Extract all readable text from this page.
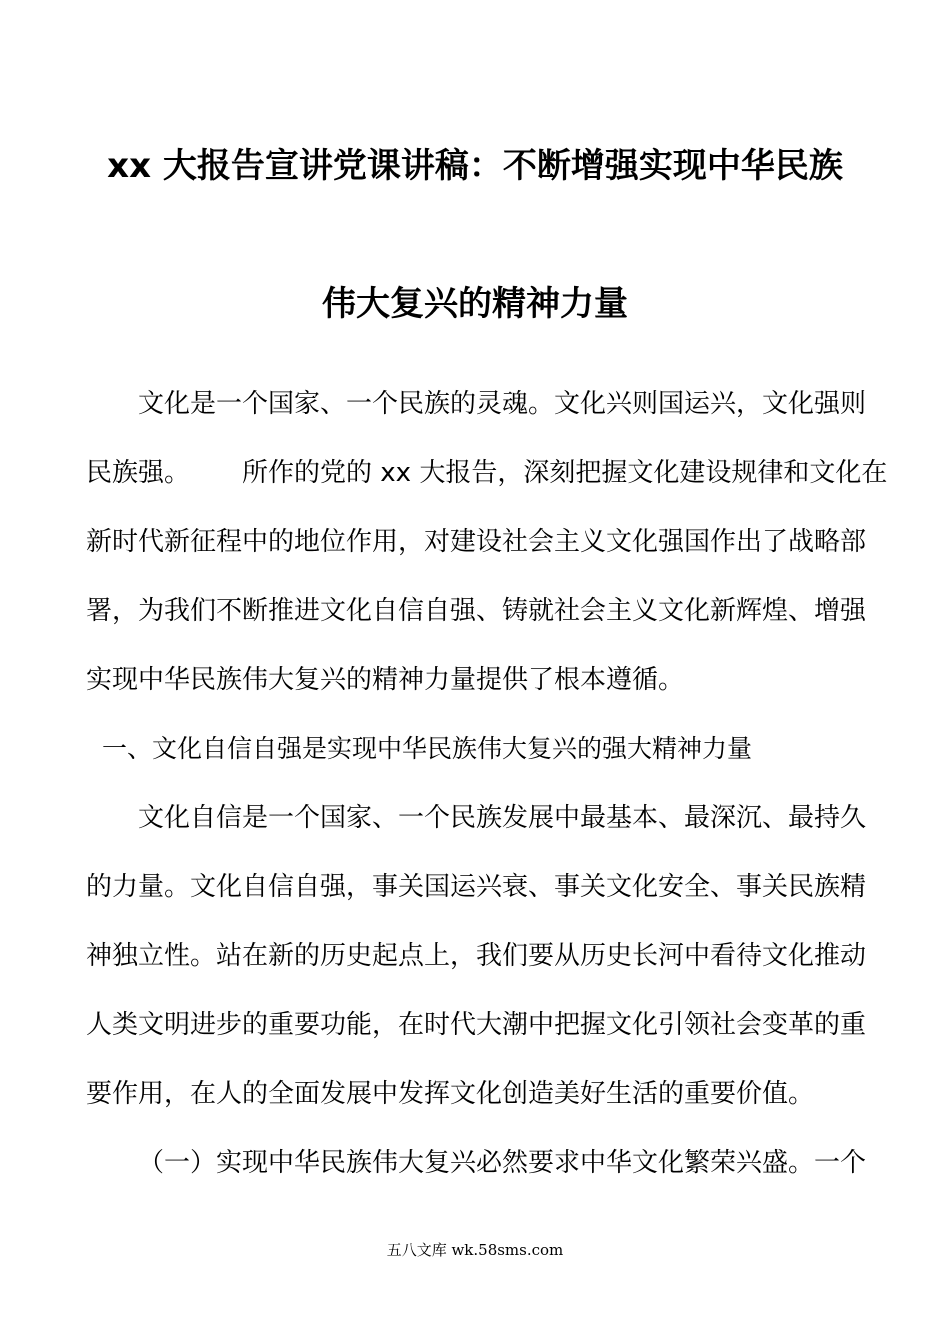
xx 大报告宣讲党课讲稿：不断增强实现中华民族
伟大复兴的精神力量
文化是一个国家、一个民族的灵魂。文化兴则国运兴，文化强则
民族强。 所作的党的 xx 大报告，深刻把握文化建设规律和文化在
新时代新征程中的地位作用，对建设社会主义文化强国作出了战略部
署，为我们不断推进文化自信自强、铸就社会主义文化新辉煌、增强
实现中华民族伟大复兴的精神力量提供了根本遵循。
一、文化自信自强是实现中华民族伟大复兴的强大精神力量
文化自信是一个国家、一个民族发展中最基本、最深沉、最持久
的力量。文化自信自强，事关国运兴衰、事关文化安全、事关民族精
神独立性。站在新的历史起点上，我们要从历史长河中看待文化推动
人类文明进步的重要功能，在时代大潮中把握文化引领社会变革的重
要作用，在人的全面发展中发挥文化创造美好生活的重要价值。
（一）实现中华民族伟大复兴必然要求中华文化繁荣兴盛。一个
五八文库 wk.58sms.com
